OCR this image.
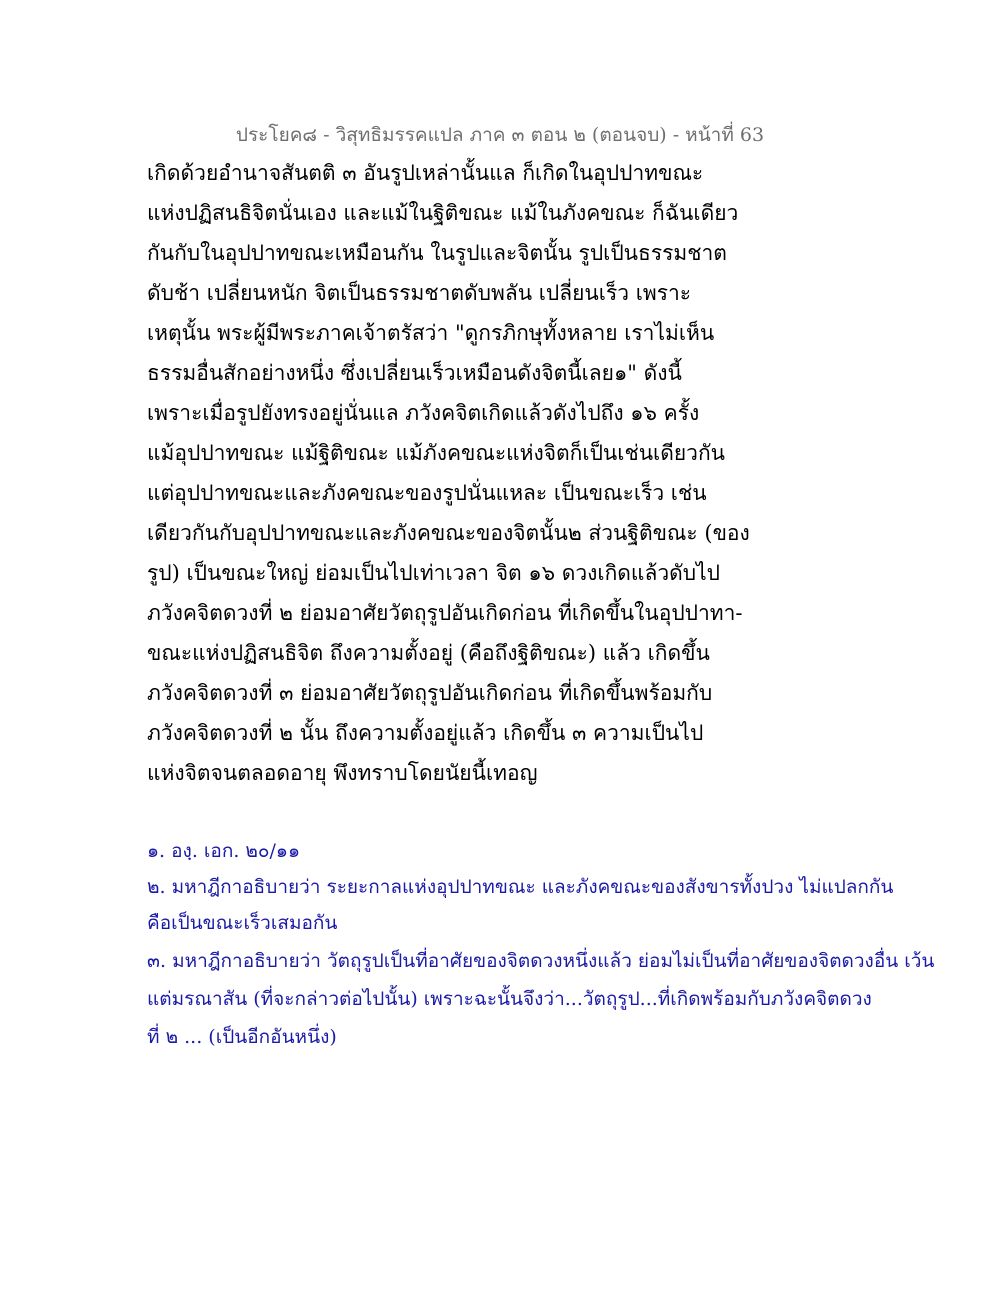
ประโยค๘ - วิสุทธิมรรคแปล ภาค ๓ ตอน ๒ (ตอนจบ) - หน้าที่ 63
เกิดด้วยอำนาจสันตติ ๓ อันรูปเหล่านั้นแล ก็เกิดในอุปปาทขณะ
แห่งปฏิสนธิจิตนั่นเอง และแม้ในฐิติขณะ แม้ในภังคขณะ ก็ฉันเดียว
กันกับในอุปปาทขณะเหมือนกัน ในรูปและจิตนั้น รูปเป็นธรรมชาต
ดับช้า เปลี่ยนหนัก จิตเป็นธรรมชาตดับพลัน เปลี่ยนเร็ว เพราะ
เหตุนั้น พระผู้มีพระภาคเจ้าตรัสว่า "ดูกรภิกษุทั้งหลาย เราไม่เห็น
ธรรมอื่นสักอย่างหนึ่ง ซึ่งเปลี่ยนเร็วเหมือนดังจิตนี้เลย๑" ดังนี้
เพราะเมื่อรูปยังทรงอยู่นั่นแล ภวังคจิตเกิดแล้วดังไปถึง ๑๖ ครั้ง
แม้อุปปาทขณะ แม้ฐิติขณะ แม้ภังคขณะแห่งจิตก็เป็นเช่นเดียวกัน
แต่อุปปาทขณะและภังคขณะของรูปนั่นแหละ เป็นขณะเร็ว เช่น
เดียวกันกับอุปปาทขณะและภังคขณะของจิตนั้น๒ ส่วนฐิติขณะ (ของ
รูป) เป็นขณะใหญ่ ย่อมเป็นไปเท่าเวลา จิต ๑๖ ดวงเกิดแล้วดับไป
ภวังคจิตดวงที่ ๒ ย่อมอาศัยวัตถุรูปอันเกิดก่อน ที่เกิดขึ้นในอุปปาทา-
ขณะแห่งปฏิสนธิจิต ถึงความตั้งอยู่ (คือถึงฐิติขณะ) แล้ว เกิดขึ้น
ภวังคจิตดวงที่ ๓ ย่อมอาศัยวัตถุรูปอันเกิดก่อน ที่เกิดขึ้นพร้อมกับ
ภวังคจิตดวงที่ ๒ นั้น ถึงความตั้งอยู่แล้ว เกิดขึ้น ๓ ความเป็นไป
แห่งจิตจนตลอดอายุ พึงทราบโดยนัยนี้เทอญ
๑. องฺ. เอก. ๒๐/๑๑
๒. มหาฎีกาอธิบายว่า ระยะกาลแห่งอุปปาทขณะ และภังคขณะของสังขารทั้งปวง ไม่แปลกกัน
คือเป็นขณะเร็วเสมอกัน
๓. มหาฎีกาอธิบายว่า วัตถุรูปเป็นที่อาศัยของจิตดวงหนึ่งแล้ว ย่อมไม่เป็นที่อาศัยของจิตดวงอื่น เว้น
แต่มรณาสัน (ที่จะกล่าวต่อไปนั้น) เพราะฉะนั้นจึงว่า...วัตถุรูป...ที่เกิดพร้อมกับภวังคจิตดวง
ที่ ๒ ... (เป็นอีกอันหนึ่ง)
